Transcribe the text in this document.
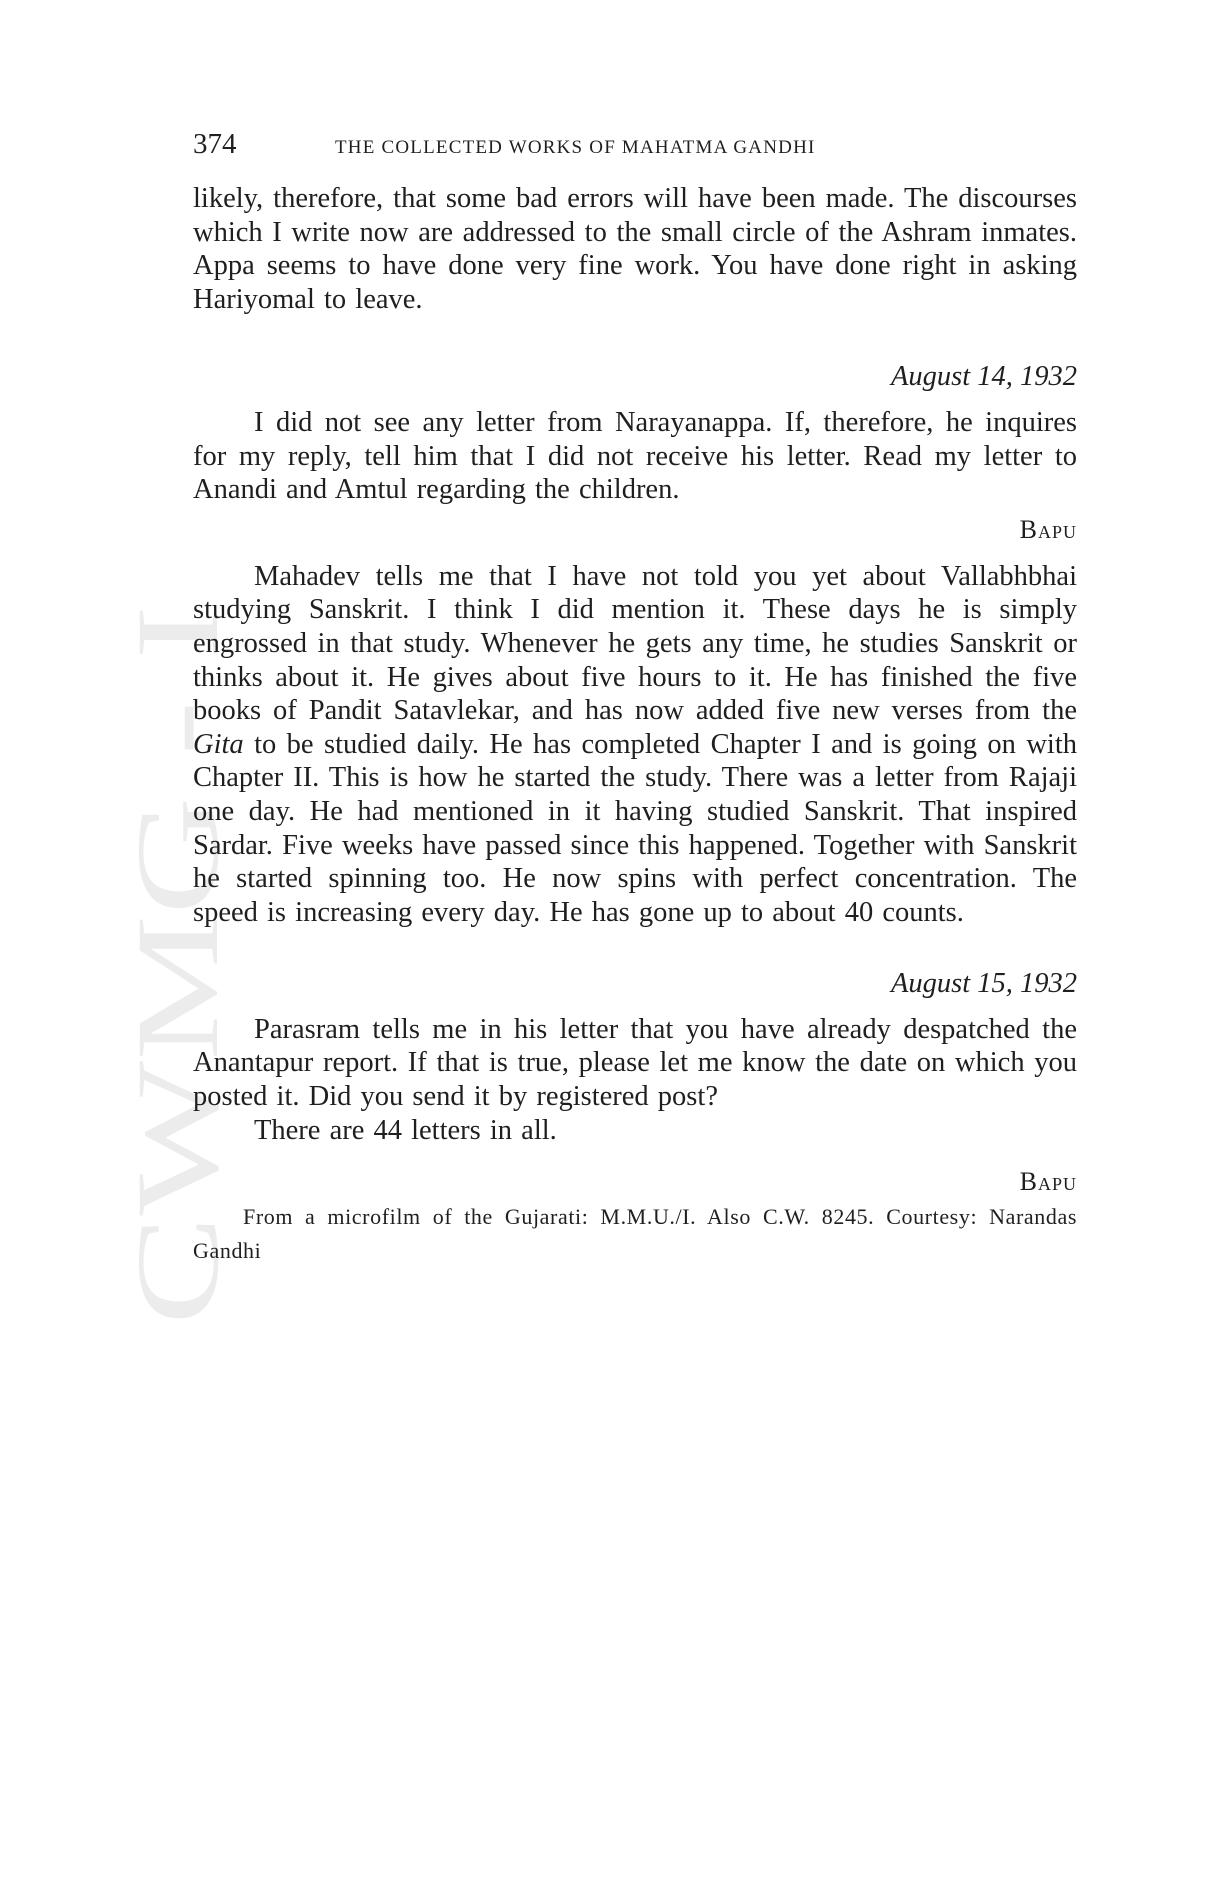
CWMG
374	THE COLLECTED WORKS OF MAHATMA GANDHI

likely, therefore, that some bad errors will have been made. The discourses which I write now are addressed to the small circle of the Ashram inmates. Appa seems to have done very fine work. You have done right in asking Hariyomal to leave.

August 14, 1932

I did not see any letter from Narayanappa. If, therefore, he inquires for my reply, tell him that I did not receive his letter. Read my letter to Anandi and Amtul regarding the children.

Bapu

Mahadev tells me that I have not told you yet about Vallabhbhai studying Sanskrit. I think I did mention it. These days he is simply engrossed in that study. Whenever he gets any time, he studies Sanskrit or thinks about it. He gives about five hours to it. He has finished the five books of Pandit Satavlekar, and has now added five new verses from the Gita to be studied daily. He has completed Chapter I and is going on with Chapter II. This is how he started the study. There was a letter from Rajaji one day. He had mentioned in it having studied Sanskrit. That inspired Sardar. Five weeks have passed since this happened. Together with Sanskrit he started spinning too. He now spins with perfect concentration. The speed is increasing every day. He has gone up to about 40 counts.

August 15, 1932

Parasram tells me in his letter that you have already despatched the Anantapur report. If that is true, please let me know the date on which you posted it. Did you send it by registered post?

There are 44 letters in all.

Bapu

From a microfilm of the Gujarati: M.M.U./I. Also C.W. 8245. Courtesy: Narandas Gandhi
